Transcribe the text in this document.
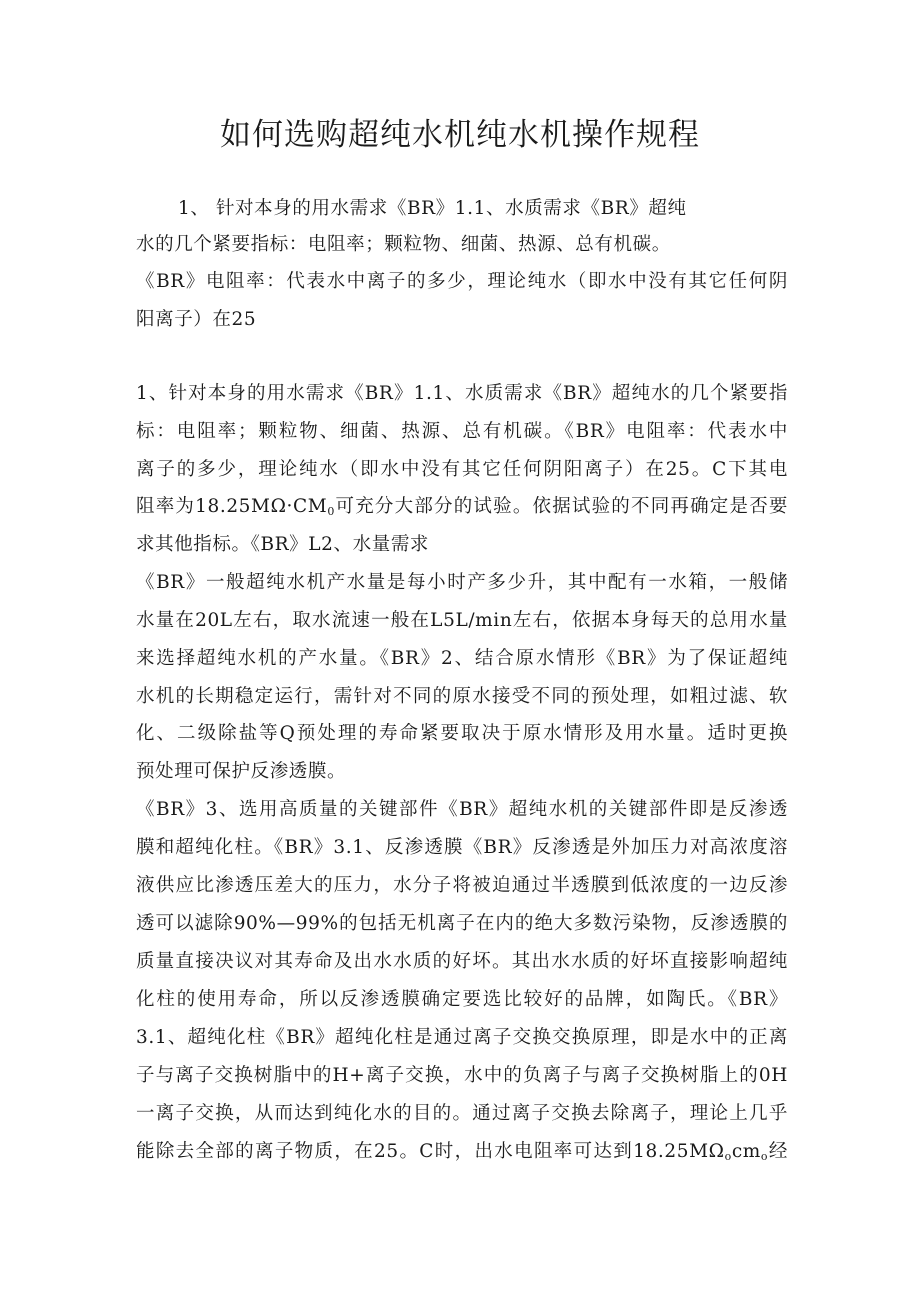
如何选购超纯水机纯水机操作规程
1、 针对本身的用水需求《BR》1.1、水质需求《BR》超纯
水的几个紧要指标：电阻率；颗粒物、细菌、热源、总有机碳。
《BR》电阻率：代表水中离子的多少，理论纯水（即水中没有其它任何阴
阳离子）在25
1、针对本身的用水需求《BR》1.1、水质需求《BR》超纯水的几个紧要指
标：电阻率；颗粒物、细菌、热源、总有机碳。《BR》电阻率：代表水中
离子的多少，理论纯水（即水中没有其它任何阴阳离子）在25。C下其电
阻率为$18.25M\Omega\cdot CM_0$可充分大部分的试验。依据试验的不同再确定是否要
求其他指标。《BR》L2、水量需求
《BR》一般超纯水机产水量是每小时产多少升，其中配有一水箱，一般储
水量在20L左右，取水流速一般在L5L∕min左右，依据本身每天的总用水量
来选择超纯水机的产水量。《BR》2、结合原水情形《BR》为了保证超纯
水机的长期稳定运行，需针对不同的原水接受不同的预处理，如粗过滤、软
化、二级除盐等Q预处理的寿命紧要取决于原水情形及用水量。适时更换
预处理可保护反渗透膜。
《BR》3、选用高质量的关键部件《BR》超纯水机的关键部件即是反渗透
膜和超纯化柱。《BR》3.1、反渗透膜《BR》反渗透是外加压力对高浓度溶
液供应比渗透压差大的压力，水分子将被迫通过半透膜到低浓度的一边反渗
透可以滤除90%—99%的包括无机离子在内的绝大多数污染物，反渗透膜的
质量直接决议对其寿命及出水水质的好坏。其出水水质的好坏直接影响超纯
化柱的使用寿命，所以反渗透膜确定要选比较好的品牌，如陶氏。《BR》
3.1、超纯化柱《BR》超纯化柱是通过离子交换交换原理，即是水中的正离
子与离子交换树脂中的H+离子交换，水中的负离子与离子交换树脂上的0H
一离子交换，从而达到纯化水的目的。通过离子交换去除离子，理论上几乎
能除去全部的离子物质，在25。C时，出水电阻率可达到$18.25M\Omega_ocm_o$经
